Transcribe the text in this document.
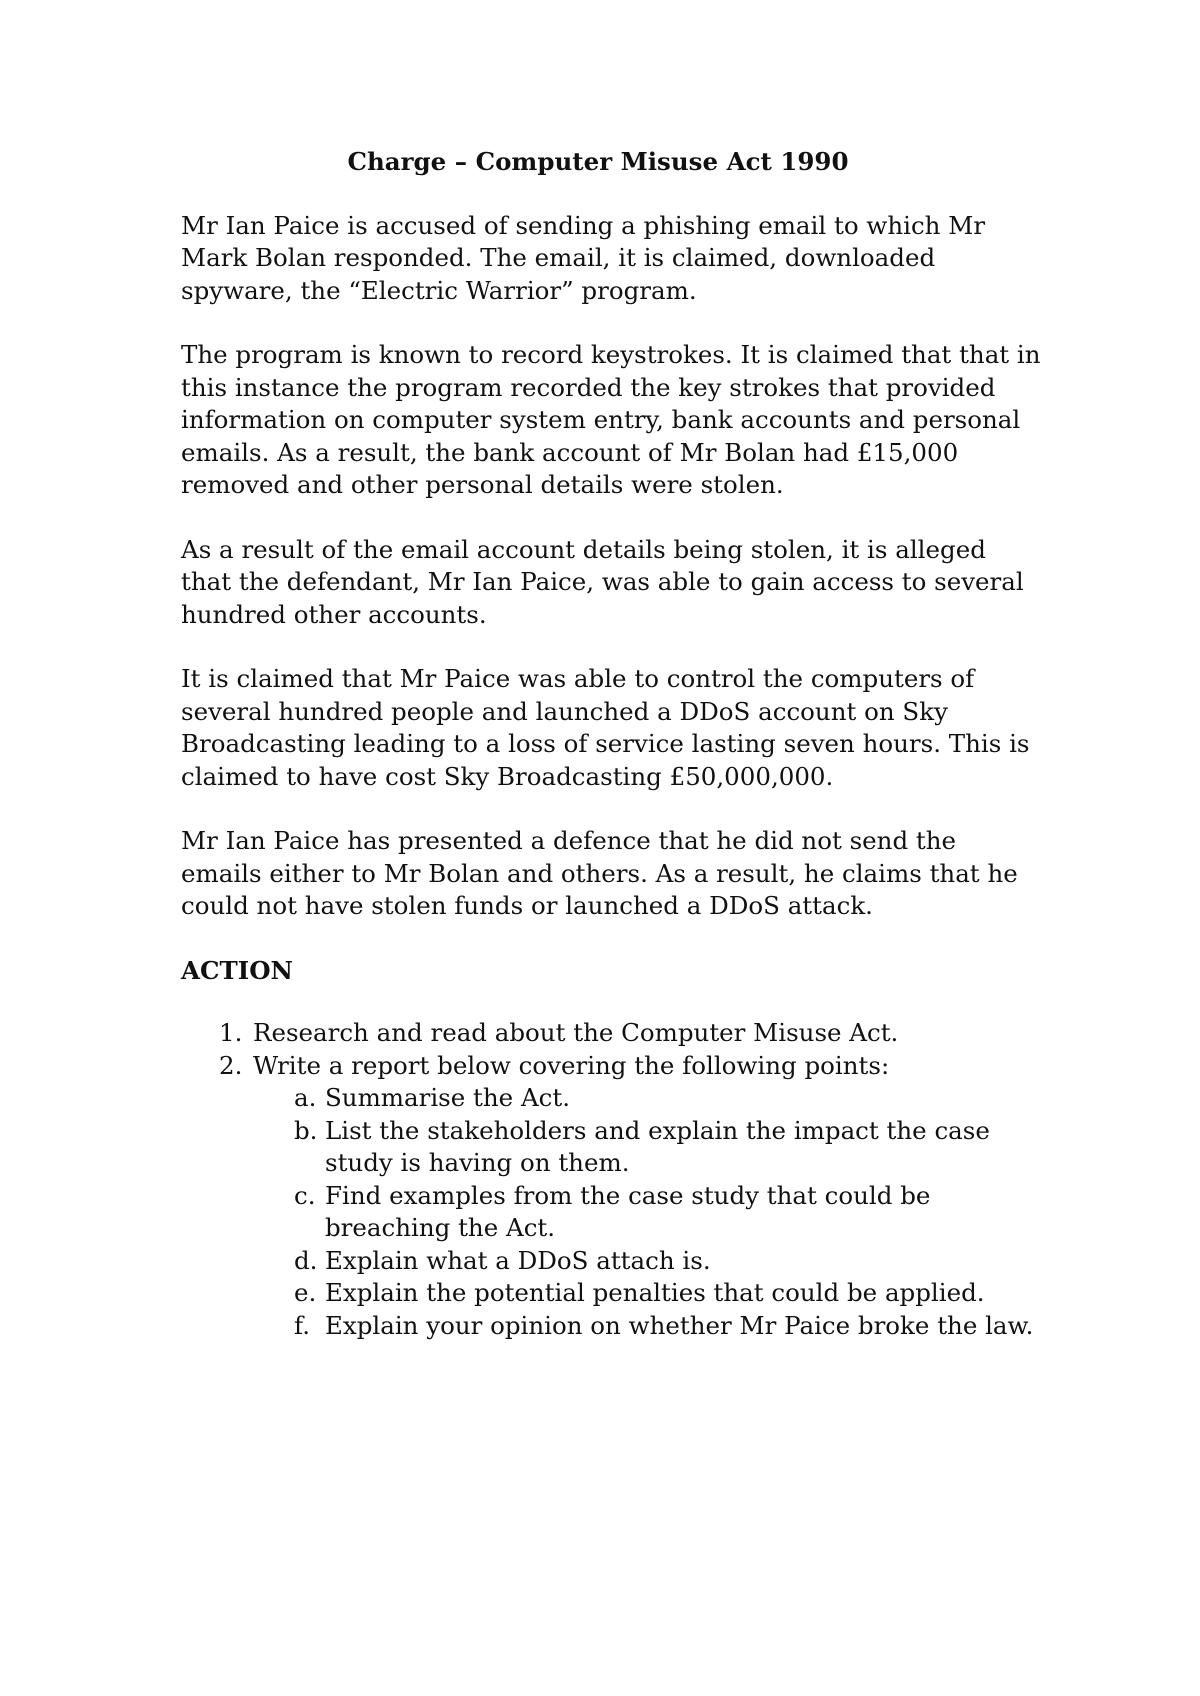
Charge – Computer Misuse Act 1990
Mr Ian Paice is accused of sending a phishing email to which Mr Mark Bolan responded. The email, it is claimed, downloaded spyware, the “Electric Warrior” program.
The program is known to record keystrokes. It is claimed that that in this instance the program recorded the key strokes that provided information on computer system entry, bank accounts and personal emails. As a result, the bank account of Mr Bolan had £15,000 removed and other personal details were stolen.
As a result of the email account details being stolen, it is alleged that the defendant, Mr Ian Paice, was able to gain access to several hundred other accounts.
It is claimed that Mr Paice was able to control the computers of several hundred people and launched a DDoS account on Sky Broadcasting leading to a loss of service lasting seven hours. This is claimed to have cost Sky Broadcasting £50,000,000.
Mr Ian Paice has presented a defence that he did not send the emails either to Mr Bolan and others. As a result, he claims that he could not have stolen funds or launched a DDoS attack.
ACTION
1. Research and read about the Computer Misuse Act.
2. Write a report below covering the following points:
a. Summarise the Act.
b. List the stakeholders and explain the impact the case study is having on them.
c. Find examples from the case study that could be breaching the Act.
d. Explain what a DDoS attach is.
e. Explain the potential penalties that could be applied.
f. Explain your opinion on whether Mr Paice broke the law.
